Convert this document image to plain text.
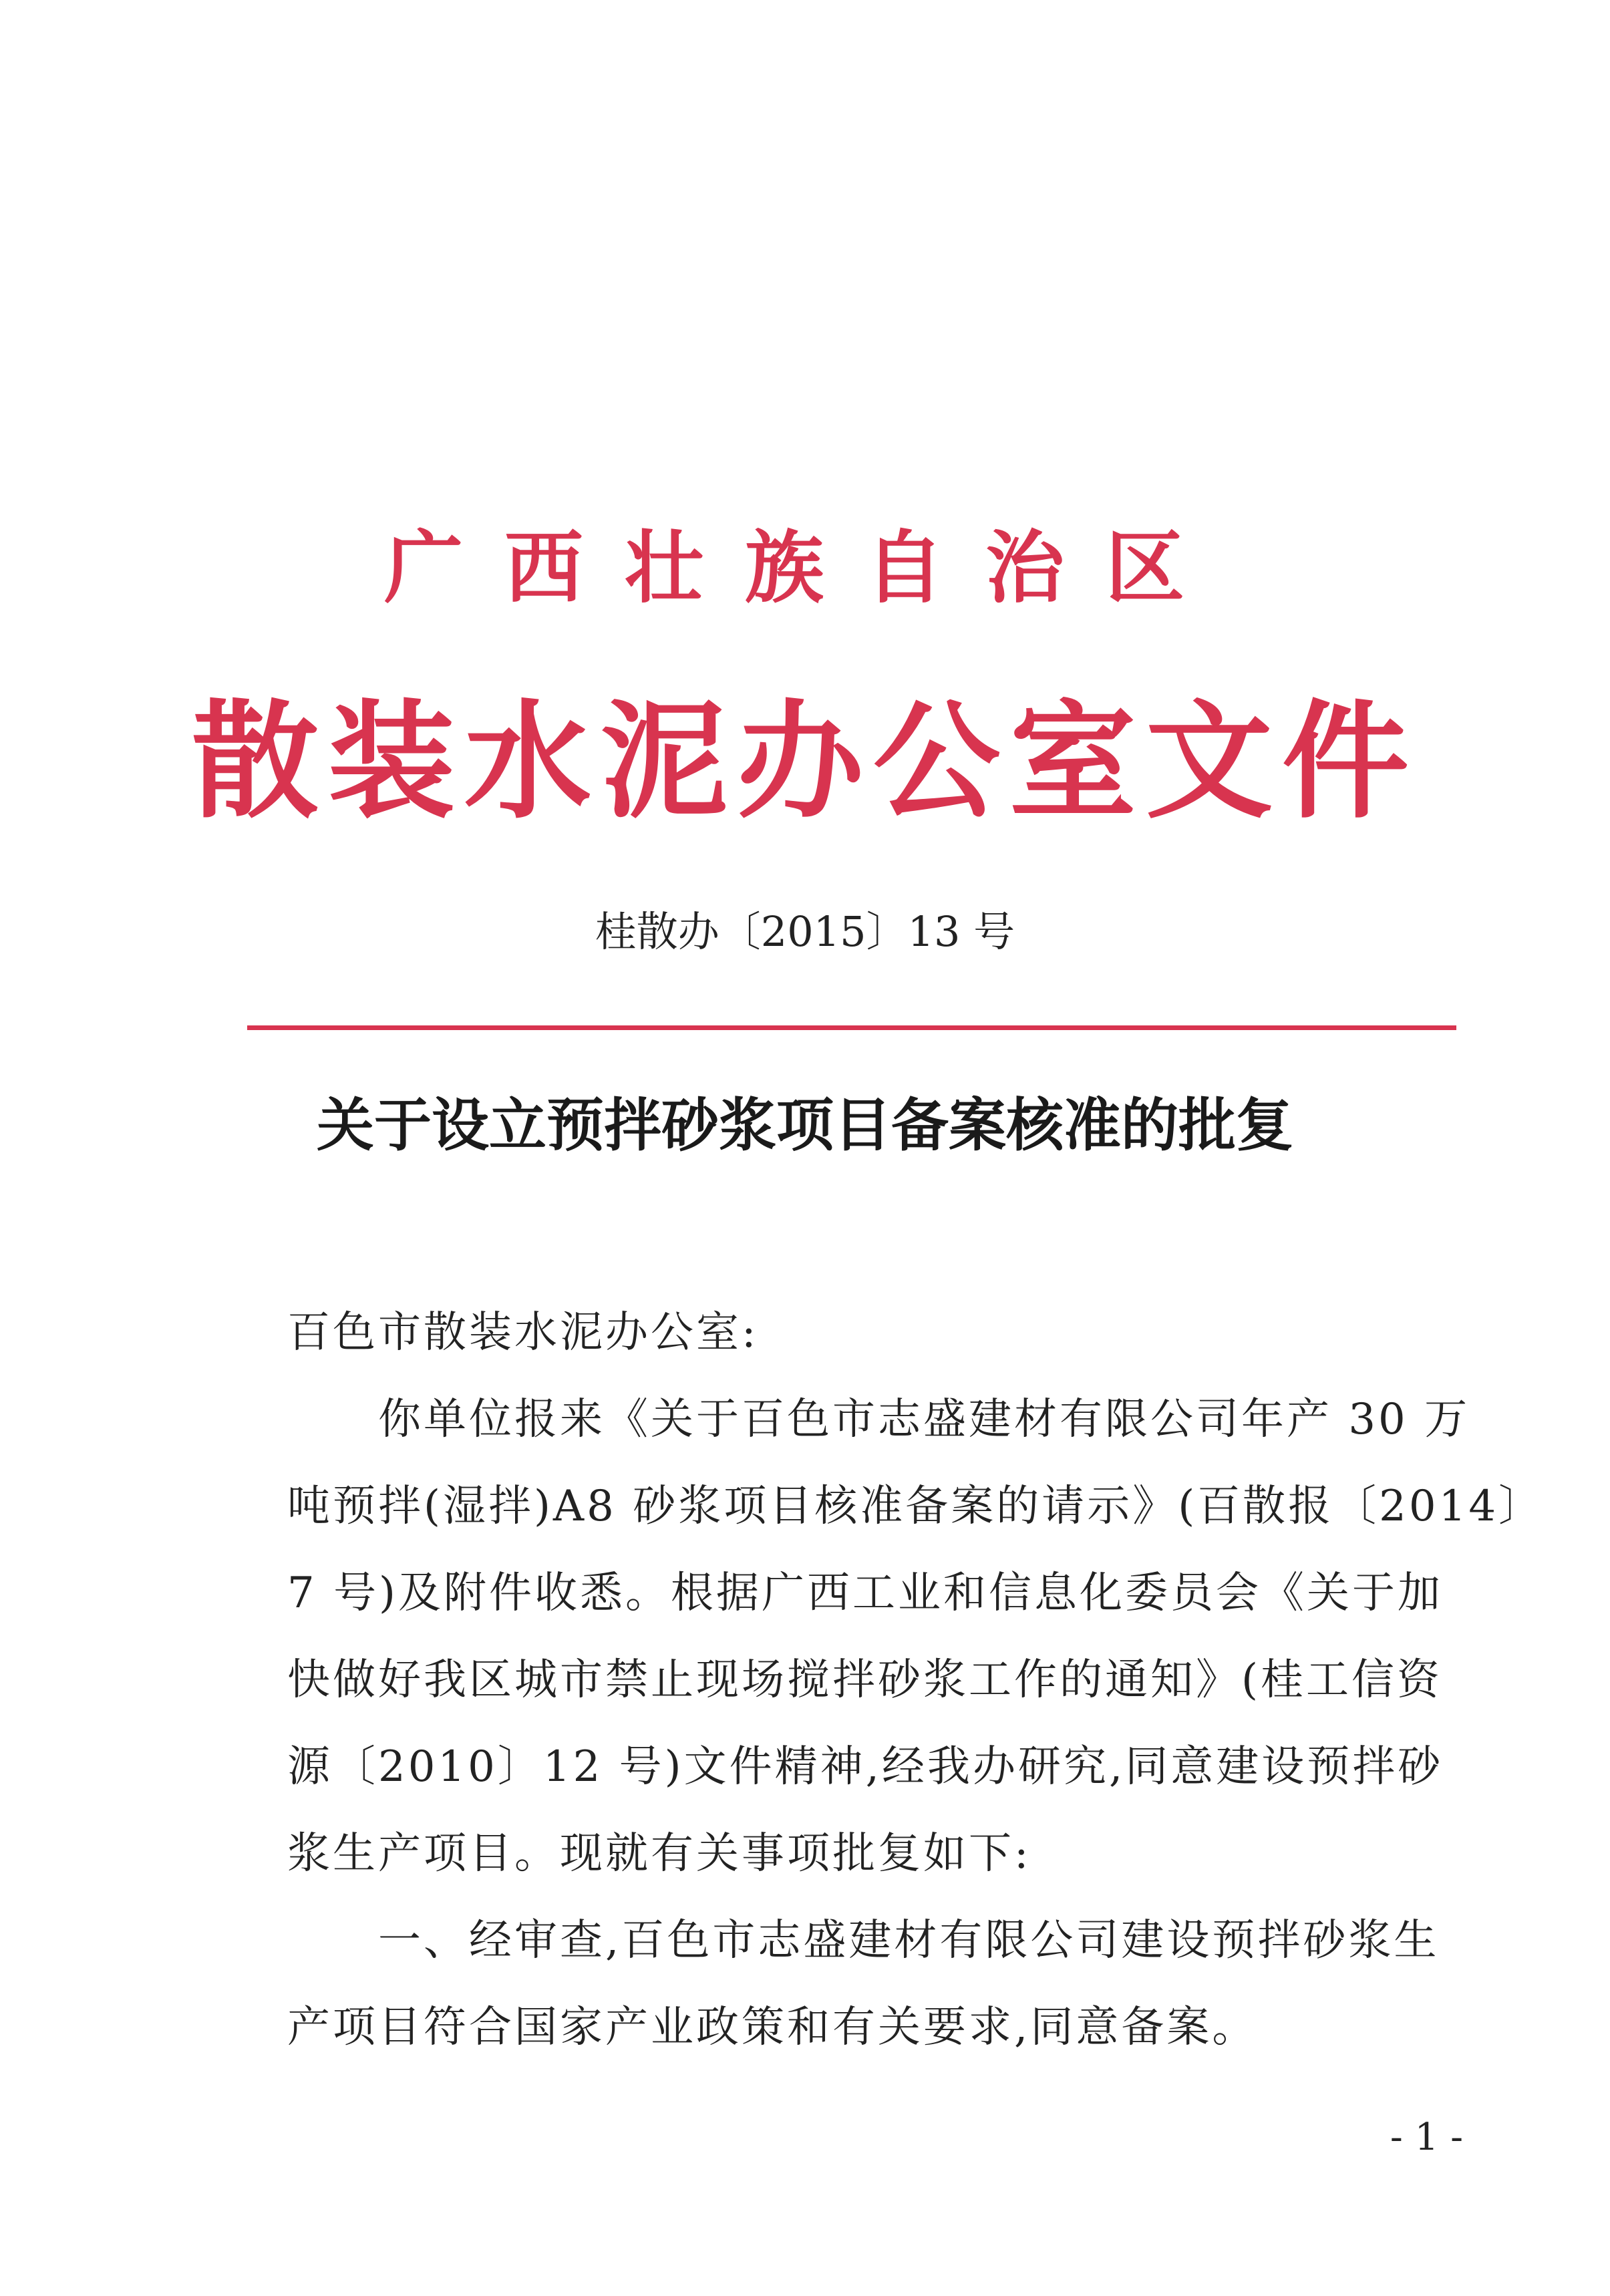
广西壮族自治区
散装水泥办公室文件
桂散办〔2015〕13 号
关于设立预拌砂浆项目备案核准的批复
百色市散装水泥办公室:
　　你单位报来《关于百色市志盛建材有限公司年产 30 万
吨预拌(湿拌)A8 砂浆项目核准备案的请示》(百散报〔2014〕
7 号)及附件收悉。根据广西工业和信息化委员会《关于加
快做好我区城市禁止现场搅拌砂浆工作的通知》(桂工信资
源〔2010〕12 号)文件精神,经我办研究,同意建设预拌砂
浆生产项目。现就有关事项批复如下:
　　一、经审查,百色市志盛建材有限公司建设预拌砂浆生
产项目符合国家产业政策和有关要求,同意备案。
- 1 -
